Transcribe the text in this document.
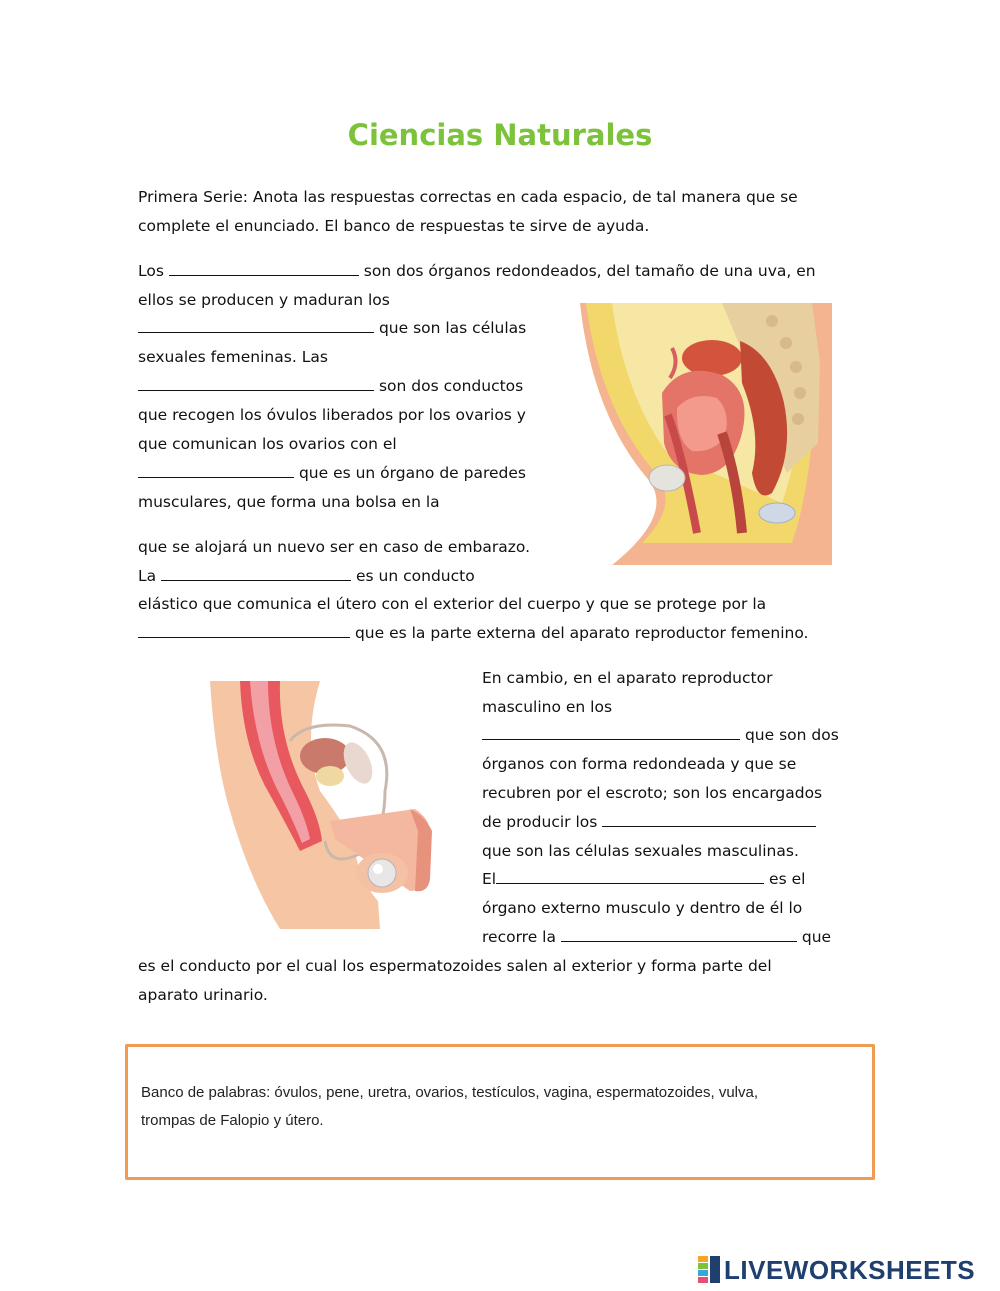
Ciencias Naturales
Primera Serie: Anota las respuestas correctas en cada espacio, de tal manera que se
complete el enunciado. El banco de respuestas te sirve de ayuda.
Los	son dos órganos redondeados, del tamaño de una uva, en
ellos se producen y maduran los
que son las células
sexuales femeninas. Las
son dos conductos
que recogen los óvulos liberados por los ovarios y
que comunican los ovarios con el
que es un órgano de paredes
musculares, que forma una bolsa en la
que se alojará un nuevo ser en caso de embarazo.
La	es un conducto
elástico que comunica el útero con el exterior del cuerpo y que se protege por la
que es la parte externa del aparato reproductor femenino.
En cambio, en el aparato reproductor
masculino en los
que son dos
órganos con forma redondeada y que se
recubren por el escroto; son los encargados
de producir los
que son las células sexuales masculinas.
El	es el
órgano externo musculo y dentro de él lo
recorre la	que
es el conducto por el cual los espermatozoides salen al exterior y forma parte del
aparato urinario.
Banco de palabras: óvulos, pene, uretra, ovarios, testículos, vagina, espermatozoides, vulva,
trompas de Falopio y útero.
LIVEWORKSHEETS
